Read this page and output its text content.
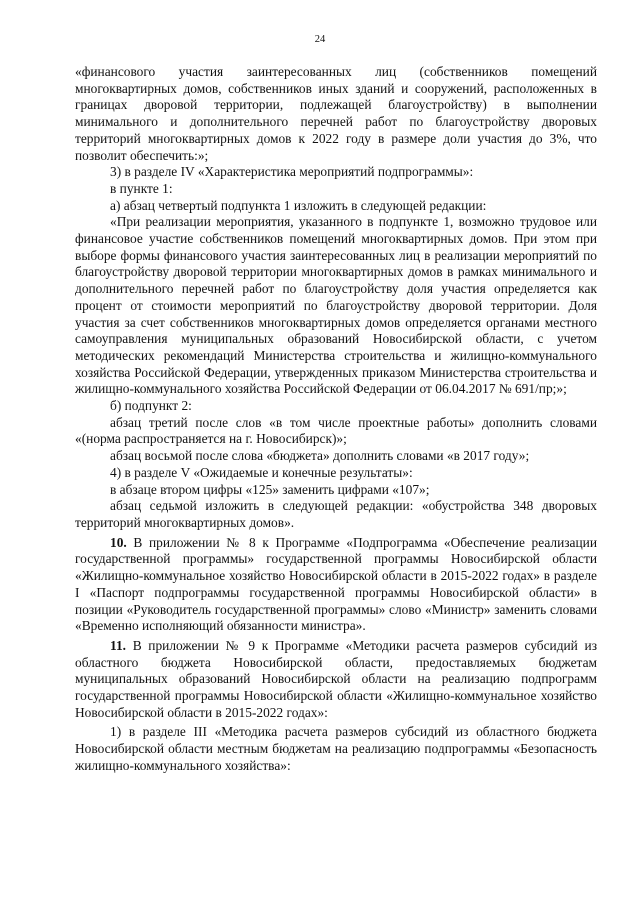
24

«финансового участия заинтересованных лиц (собственников помещений многоквартирных домов, собственников иных зданий и сооружений, расположенных в границах дворовой территории, подлежащей благоустройству) в выполнении минимального и дополнительного перечней работ по благоустройству дворовых территорий многоквартирных домов к 2022 году в размере доли участия до 3%, что позволит обеспечить:»;

3) в разделе IV «Характеристика мероприятий подпрограммы»:

в пункте 1:

а) абзац четвертый подпункта 1 изложить в следующей редакции:

«При реализации мероприятия, указанного в подпункте 1, возможно трудовое или финансовое участие собственников помещений многоквартирных домов. При этом при выборе формы финансового участия заинтересованных лиц в реализации мероприятий по благоустройству дворовой территории многоквартирных домов в рамках минимального и дополнительного перечней работ по благоустройству доля участия определяется как процент от стоимости мероприятий по благоустройству дворовой территории. Доля участия за счет собственников многоквартирных домов определяется органами местного самоуправления муниципальных образований Новосибирской области, с учетом методических рекомендаций Министерства строительства и жилищно-коммунального хозяйства Российской Федерации, утвержденных приказом Министерства строительства и жилищно-коммунального хозяйства Российской Федерации от 06.04.2017 № 691/пр;»;

б) подпункт 2:

абзац третий после слов «в том числе проектные работы» дополнить словами «(норма распространяется на г. Новосибирск)»;

абзац восьмой после слова «бюджета» дополнить словами «в 2017 году»;

4) в разделе V «Ожидаемые и конечные результаты»:

в абзаце втором цифры «125» заменить цифрами «107»;

абзац седьмой изложить в следующей редакции: «обустройства 348 дворовых территорий многоквартирных домов».

10. В приложении № 8 к Программе «Подпрограмма «Обеспечение реализации государственной программы» государственной программы Новосибирской области «Жилищно-коммунальное хозяйство Новосибирской области в 2015-2022 годах» в разделе I «Паспорт подпрограммы государственной программы Новосибирской области» в позиции «Руководитель государственной программы» слово «Министр» заменить словами «Временно исполняющий обязанности министра».

11. В приложении № 9 к Программе «Методики расчета размеров субсидий из областного бюджета Новосибирской области, предоставляемых бюджетам муниципальных образований Новосибирской области на реализацию подпрограмм государственной программы Новосибирской области «Жилищно-коммунальное хозяйство Новосибирской области в 2015-2022 годах»:

1) в разделе III «Методика расчета размеров субсидий из областного бюджета Новосибирской области местным бюджетам на реализацию подпрограммы «Безопасность жилищно-коммунального хозяйства»:
